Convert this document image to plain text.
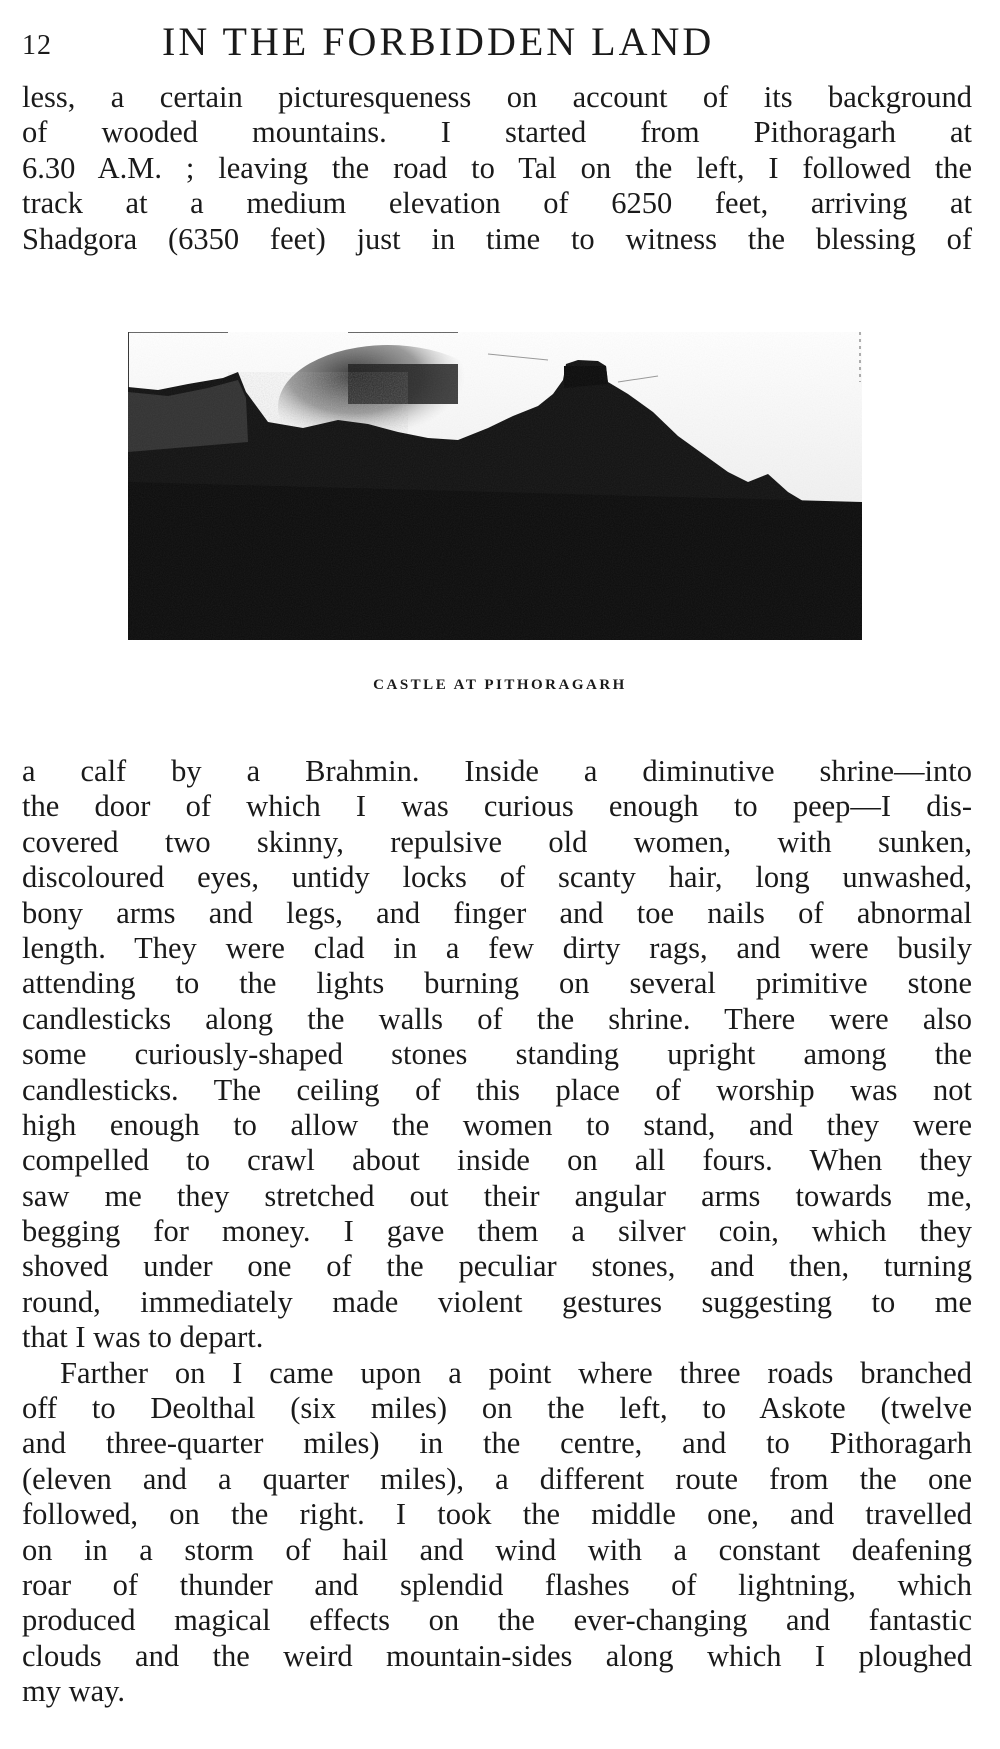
12	IN THE FORBIDDEN LAND
less, a certain picturesqueness on account of its background
of wooded mountains. I started from Pithoragarh at
6.30 A.M. ; leaving the road to Tal on the left, I followed the
track at a medium elevation of 6250 feet, arriving at
Shadgora (6350 feet) just in time to witness the blessing of
CASTLE AT PITHORAGARH
a calf by a Brahmin. Inside a diminutive shrine—into
the door of which I was curious enough to peep—I dis-
covered two skinny, repulsive old women, with sunken,
discoloured eyes, untidy locks of scanty hair, long unwashed,
bony arms and legs, and finger and toe nails of abnormal
length. They were clad in a few dirty rags, and were busily
attending to the lights burning on several primitive stone
candlesticks along the walls of the shrine. There were also
some curiously-shaped stones standing upright among the
candlesticks. The ceiling of this place of worship was not
high enough to allow the women to stand, and they were
compelled to crawl about inside on all fours. When they
saw me they stretched out their angular arms towards me,
begging for money. I gave them a silver coin, which they
shoved under one of the peculiar stones, and then, turning
round, immediately made violent gestures suggesting to me
that I was to depart.
Farther on I came upon a point where three roads branched
off to Deolthal (six miles) on the left, to Askote (twelve
and three-quarter miles) in the centre, and to Pithoragarh
(eleven and a quarter miles), a different route from the one
followed, on the right. I took the middle one, and travelled
on in a storm of hail and wind with a constant deafening
roar of thunder and splendid flashes of lightning, which
produced magical effects on the ever-changing and fantastic
clouds and the weird mountain-sides along which I ploughed
my way.
